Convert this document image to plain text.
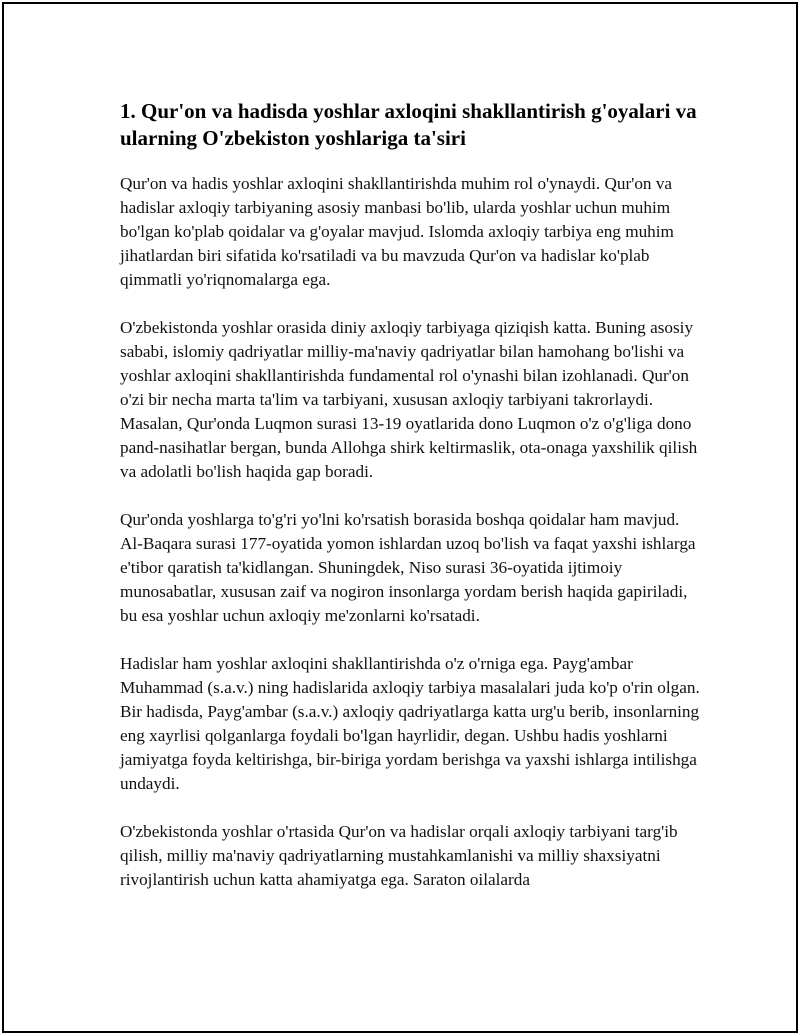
1. Qur'on va hadisda yoshlar axloqini shakllantirish g'oyalari va ularning O'zbekiston yoshlariga ta'siri

Qur'on va hadis yoshlar axloqini shakllantirishda muhim rol o'ynaydi. Qur'on va hadislar axloqiy tarbiyaning asosiy manbasi bo'lib, ularda yoshlar uchun muhim bo'lgan ko'plab qoidalar va g'oyalar mavjud. Islomda axloqiy tarbiya eng muhim jihatlardan biri sifatida ko'rsatiladi va bu mavzuda Qur'on va hadislar ko'plab qimmatli yo'riqnomalarga ega.

O'zbekistonda yoshlar orasida diniy axloqiy tarbiyaga qiziqish katta. Buning asosiy sababi, islomiy qadriyatlar milliy-ma'naviy qadriyatlar bilan hamohang bo'lishi va yoshlar axloqini shakllantirishda fundamental rol o'ynashi bilan izohlanadi. Qur'on o'zi bir necha marta ta'lim va tarbiyani, xususan axloqiy tarbiyani takrorlaydi. Masalan, Qur'onda Luqmon surasi 13-19 oyatlarida dono Luqmon o'z o'g'liga dono pand-nasihatlar bergan, bunda Allohga shirk keltirmaslik, ota-onaga yaxshilik qilish va adolatli bo'lish haqida gap boradi.

Qur'onda yoshlarga to'g'ri yo'lni ko'rsatish borasida boshqa qoidalar ham mavjud. Al-Baqara surasi 177-oyatida yomon ishlardan uzoq bo'lish va faqat yaxshi ishlarga e'tibor qaratish ta'kidlangan. Shuningdek, Niso surasi 36-oyatida ijtimoiy munosabatlar, xususan zaif va nogiron insonlarga yordam berish haqida gapiriladi, bu esa yoshlar uchun axloqiy me'zonlarni ko'rsatadi.

Hadislar ham yoshlar axloqini shakllantirishda o'z o'rniga ega. Payg'ambar Muhammad (s.a.v.) ning hadislarida axloqiy tarbiya masalalari juda ko'p o'rin olgan. Bir hadisda, Payg'ambar (s.a.v.) axloqiy qadriyatlarga katta urg'u berib, insonlarning eng xayrlisi qolganlarga foydali bo'lgan hayrlidir, degan. Ushbu hadis yoshlarni jamiyatga foyda keltirishga, bir-biriga yordam berishga va yaxshi ishlarga intilishga undaydi.

O'zbekistonda yoshlar o'rtasida Qur'on va hadislar orqali axloqiy tarbiyani targ'ib qilish, milliy ma'naviy qadriyatlarning mustahkamlanishi va milliy shaxsiyatni rivojlantirish uchun katta ahamiyatga ega. Saraton oilalarda
